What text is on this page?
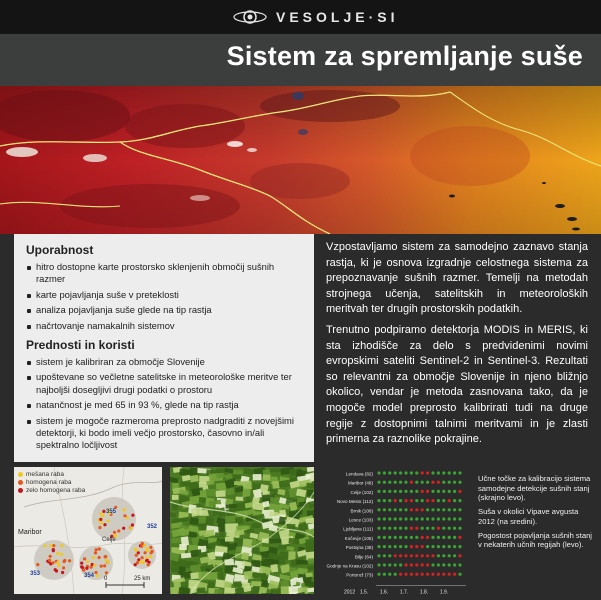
VESOLJE·SI
Sistem za spremljanje suše
Uporabnost
hitro dostopne karte prostorsko sklenjenih območij sušnih razmer
karte pojavljanja suše v preteklosti
analiza pojavljanja suše glede na tip rastja
načrtovanje namakalnih sistemov
Prednosti in koristi
sistem je kalibriran za območje Slovenije
upoštevane so večletne satelitske in meteorološke meritve ter najboljši dosegljivi drugi podatki o prostoru
natančnost je med 65 in 93 %, glede na tip rastja
sistem je mogoče razmeroma preprosto nadgraditi z novejšimi detektorji, ki bodo imeli večjo prostorsko, časovno in/ali spektralno ločljivost

Vzpostavljamo sistem za samodejno zaznavo stanja rastja, ki je osnova izgradnje celostnega sistema za prepoznavanje sušnih razmer. Temelji na metodah strojnega učenja, satelitskih in meteoroloških meritvah ter drugih prostorskih podatkih.

Trenutno podpiramo detektorja MODIS in MERIS, ki sta izhodišče za delo s predvidenimi novimi evropskimi sateliti Sentinel-2 in Sentinel-3. Rezultati so relevantni za območje Slovenije in njeno bližnjo okolico, vendar je metoda zasnovana tako, da je mogoče model preprosto kalibrirati tudi na druge regije z dostopnimi talnimi meritvami in je zlasti primerna za raznolike pokrajine.

mešana raba
homogena raba
zelo homogena raba
Maribor
Celje
353
355
352
354 0	25 km
Lendava (82)
Maribor (48)
Celje (102)
Novo Mesto (112)
Brnik (106)
Lesce (103)
Ljubljana (111)
Kočevje (105)
Postojna (38)
Bilje (64)
Godnje na Krasu (102)
Portorož (73)
2012 1.5. 1.6. 1.7. 1.8. 1.9.

Učne točke za kalibracijo sistema samodejne detekcije sušnih stanj (skrajno levo).

Suša v okolici Vipave avgusta 2012 (na sredini).

Pogostost pojavljanja sušnih stanj v nekaterih učnih regijah (levo).
